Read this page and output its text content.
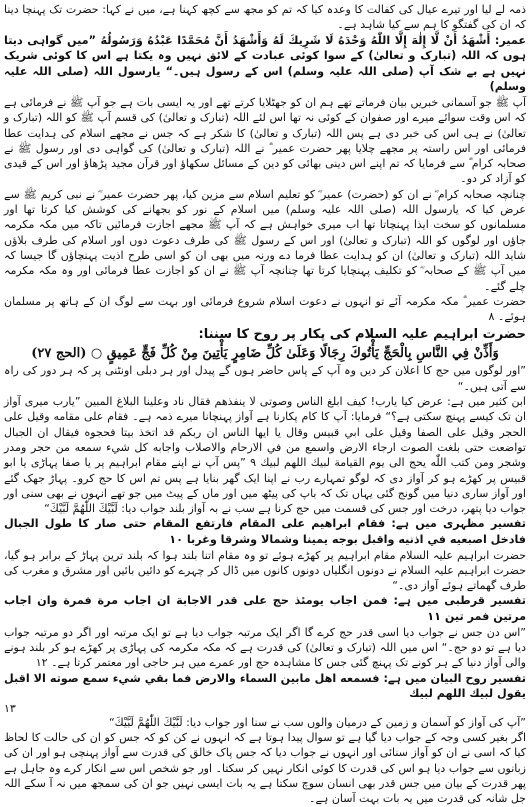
ذمہ لے لیا اور تیرے عیال کی کفالت کا وعدہ کیا کہ تم کو مجھ سے کچھ کہنا ہے، میں نے کہا: حضرت تک پہنچا دینا کہ ان کی گفتگو کا ہم سے کیا شاہد ہے۔

عمیر: أَشْهَدُ أَنْ لَّا إِلٰهَ إِلَّا اللّٰهُ وَحْدَهُ لَا شَرِيكَ لَهُ وَأَشْهَدُ أَنَّ مُحَمَّدًا عَبْدُهُ وَرَسُولُهُ ”میں گواہی دیتا ہوں کہ اللہ (تبارک و تعالیٰ) کے سوا کوئی عبادت کے لائق نہیں وہ یکتا ہے اس کا کوئی شریک نہیں ہے بے شک آپ (صلی اللہ علیہ وسلم) اس کے رسول ہیں۔“ یارسول اللہ (صلی اللہ علیہ وسلم)

آپ ﷺ جو آسمانی خبریں بیان فرماتے تھے ہم ان کو جھٹلایا کرتے تھے اور یہ ایسی بات ہے جو آپ ﷺ نے فرمائی ہے کہ اس وقت سوائے میرے اور صفوان کے کوئی نہ تھا اس لئے اللہ (تبارک و تعالیٰ) کی قسم آپ ﷺ کو اللہ (تبارک و تعالیٰ) نے ہی اس کی خبر دی ہے پس اللہ (تبارک و تعالیٰ) کا شکر ہے کہ جس نے مجھے اسلام کی ہدایت عطا فرمائی اور اس راستہ پر مجھے چلایا پھر حضرت عمیر ؓ نے اللہ (تبارک و تعالیٰ) کی گواہی دی اور رسول ﷺ نے صحابہ کرام ؓ سے فرمایا کہ تم اپنے اس دینی بھائی کو دین کے مسائل سکھاؤ اور قرآن مجید پڑھاؤ اور اس کے قیدی کو آزاد کر دو۔

چنانچہ صحابہ کرام ؓ نے ان کو (حضرت) عمیر ؓ کو تعلیم اسلام سے مزین کیا، پھر حضرت عمیر ؓ نے نبی کریم ﷺ سے عرض کیا کہ یارسول اللہ (صلی اللہ علیہ وسلم) میں اسلام کے نور کو بجھانے کی کوشش کیا کرتا تھا اور مسلمانوں کو سخت ایذا پہنچاتا تھا اب میری خواہش ہے کہ آپ ﷺ مجھے اجازت فرمائیں تاکہ میں مکہ مکرمہ جاؤں اور لوگوں کو اللہ (تبارک و تعالیٰ) اور اس کے رسول ﷺ کی طرف دعوت دوں اور اسلام کی طرف بلاؤں شاید اللہ (تبارک و تعالیٰ) ان کو ہدایت عطا فرما دے ورنہ میں بھی ان کو اسی طرح اذیت پہنچاؤں گا جیسا کہ میں آپ ﷺ کے صحابہ ؓ کو تکلیف پہنچایا کرتا تھا چنانچہ آپ ﷺ نے ان کو اجازت عطا فرمائی اور وہ مکہ مکرمہ چلے گئے۔

حضرت عمیر ؓ مکہ مکرمہ آئے تو انہوں نے دعوت اسلام شروع فرمائی اور بہت سے لوگ ان کے ہاتھ پر مسلمان ہوئے۔ ۸

حضرت ابراہیم علیہ السلام کی پکار پر روح کا سننا:

وَأَذِّنْ فِي النَّاسِ بِالْحَجِّ يَأْتُوكَ رِجَالًا وَعَلَىٰ كُلِّ ضَامِرٍ يَأْتِينَ مِنْ كُلِّ فَجٍّ عَمِيقٍ ○ (الحج ۲۷)

”اور لوگوں میں حج کا اعلان کر دیں وہ آپ کے پاس حاضر ہوں گے پیدل اور ہر دبلی اونٹنی پر کہ ہر دور کی راہ سے آتی ہیں۔“

ابن کثیر میں ہے: عرض کیا یارب! کیف ابلغ الناس وصوتی لا ینفذھم فقال ناد وعلینا البلاغ المبین ”یارب میری آواز ان تک کیسے پہنچ سکتی ہے؟“ فرمایا: آپ کا کام پکارنا ہے آواز پہنچانا میرے ذمہ ہے۔ فقام على مقامه وقيل على الحجر وقيل على الصفا وقيل على ابي قبيس وقال يا ايها الناس ان ربكم قد اتخذ بيتا فحجوه فيقال ان الجبال تواضعت حتى بلغت الصوت ارجاء الارض واسمع من في الارحام والاصلاب واجابه كل شيء سمعه من حجر ومدر وشجر ومن كتب اللّٰه يحج الى يوم القيامة لبيك اللهم لبيك ۹ ”پس آپ نے اپنے مقام ابراہیم پر یا صفا پہاڑی یا ابو قبیس پر کھڑے ہو کر آواز دی کہ لوگو تمہارے رب نے اپنا ایک گھر بنایا ہے پس تم اس کا حج کرو۔ پہاڑ جھک گئے اور آواز ساری دنیا میں گونج گئی یہاں تک کہ باپ کی پیٹھ میں اور ماں کے پیٹ میں جو تھے انہوں نے بھی سنی اور جواب دیا پتھر، درخت اور جس کی قسمت میں حج کرنا ہے سب نے بہ آواز بلند جواب دیا: لَبَّيْكَ اللّٰهُمَّ لَبَّيْكَ“

تفسیر مظہری میں ہے: فقام ابراهيم على المقام فارتفع المقام حتى صار كا طول الجبال فادخل اصبعيه في اذنيه واقبل بوجه يمينا وشمالا وشرقا وغربا ۱۰

حضرت ابراہیم علیہ السلام مقام ابراہیم پر کھڑے ہوئے تو وہ مقام اتنا بلند ہوا کہ بلند ترین پہاڑ کے برابر ہو گیا، حضرت ابراہیم علیہ السلام نے دونوں انگلیاں دونوں کانوں میں ڈال کر چہرے کو دائیں بائیں اور مشرق و مغرب کی طرف گھماتے ہوئے آواز دی۔“

تفسیر قرطبی میں ہے: فمن اجاب يومئذ حج على قدر الاجابة ان اجاب مرة فمرة وان اجاب مرتين فمر تين ۱۱

”اس دن جس نے جواب دیا اسی قدر حج کرے گا اگر ایک مرتبہ جواب دیا ہے تو ایک مرتبہ اور اگر دو مرتبہ جواب دیا ہے تو دو حج۔“ اس میں اللہ (تبارک و تعالیٰ) کی قدرت ہے کہ مکہ مکرمہ کی پہاڑی پر کھڑے ہو کر بلند ہونے والی آواز دنیا کے ہر کونے تک پہنچ گئی جس کا مشاہدہ حج اور عمرے میں ہر حاجی اور معتمر کرتا ہے۔ ۱۲

تفسیر روح البیان میں ہے: فسمعه اهل مابين السماء والارض فما بقي شيء سمع صوته الا اقبل يقول لبيك اللهم لبيك

۱۳

”آپ کی آواز کو آسمان و زمین کے درمیان والوں سب نے سنا اور جواب دیا: لَبَّيْكَ اللّٰهُمَّ لَبَّيْكَ“

اگر بغیر کسی وجہ کے جواب دیا گیا ہے تو سوال پیدا ہوتا ہے کہ انہوں نے کن کو کہ جس کو ان کی حالت کا لحاظ کیا کہ اسی نے ان کو آواز سنائی اور انہوں نے جواب دیا کہ جس پاک خالق کی قدرت سے آواز پہنچی ہو اور ان کی زبانوں سے جواب دیا ہو اس کی قدرت کا کوئی انکار نہیں کر سکتا۔ اور جو شخص اس سے انکار کرے وہ جاہل ہے پھر قدرت کے بیان میں جس قدر بھی انسان سوچ سکتا ہے یہ بات ایسی نہیں جو ان کی سمجھ میں نہ آ سکے اللہ جل شانہ کی قدرت میں یہ بات بہت آسان ہے۔
